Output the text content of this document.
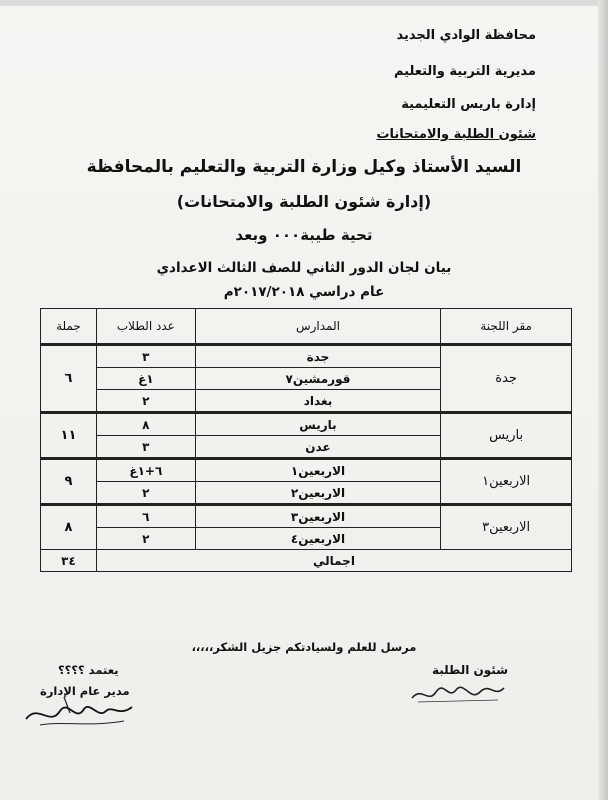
محافظة الوادي الجديد
مديرية التربية والتعليم
إدارة باريس التعليمية
شئون الطلبة والامتحانات
السيد الأستاذ وكيل وزارة التربية والتعليم بالمحافظة
(إدارة شئون الطلبة والامتحانات)
تحية طيبة٠٠٠ وبعد
بيان لجان الدور الثاني للصف الثالث الاعدادي
عام دراسي ٢٠١٧/٢٠١٨م
مقر اللجنة	المدارس	عدد الطلاب	جملة
جدة	جدة	٣	٦
	قورمشين٧	١غ	
	بغداد	٢	
باريس	باريس	٨	١١
	عدن	٣	
الاربعين١	الاربعين١	٦+١غ	٩
	الاربعين٢	٢	
الاربعين٣	الاربعين٣	٦	٨
	الاربعين٤	٢	
اجمالي			٣٤
مرسل للعلم ولسيادتكم جزيل الشكر،،،،،
شئون الطلبة
يعتمد ؟؟؟؟
مدير عام الإدارة
